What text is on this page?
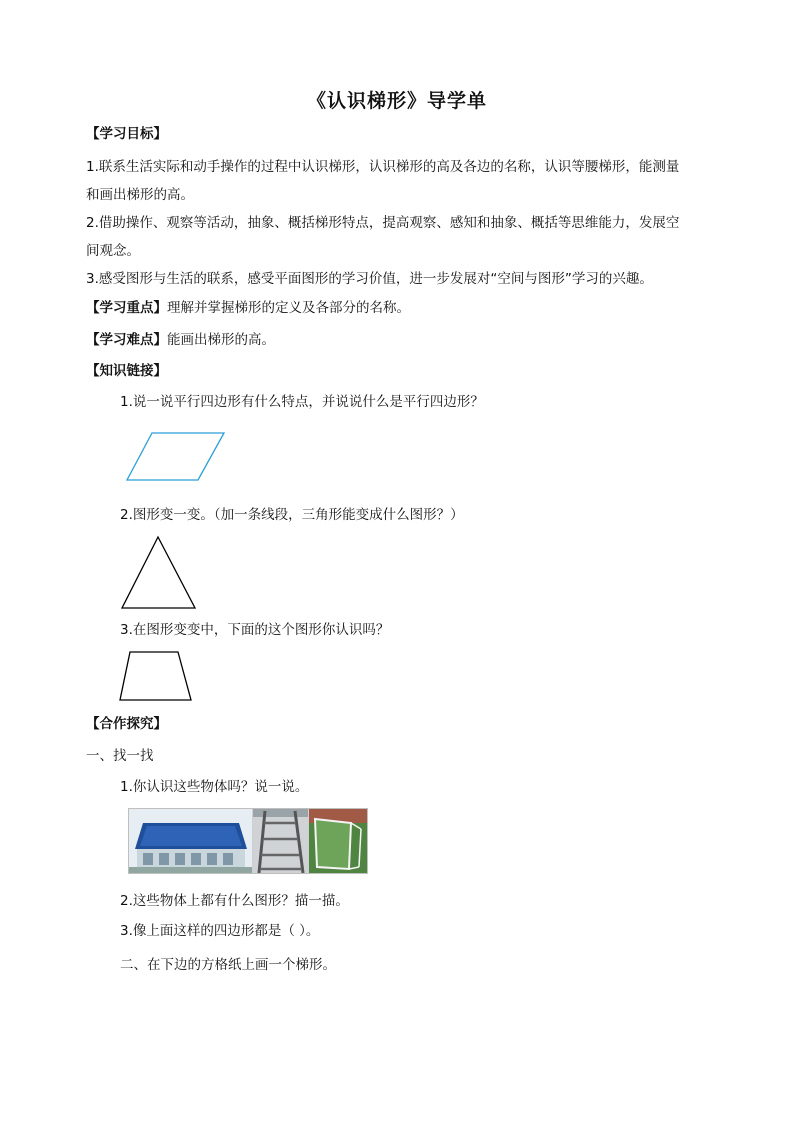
《认识梯形》导学单
【学习目标】
1.联系生活实际和动手操作的过程中认识梯形，认识梯形的高及各边的名称，认识等腰梯形，能测量
和画出梯形的高。
2.借助操作、观察等活动，抽象、概括梯形特点，提高观察、感知和抽象、概括等思维能力，发展空
间观念。
3.感受图形与生活的联系，感受平面图形的学习价值，进一步发展对“空间与图形”学习的兴趣。
【学习重点】理解并掌握梯形的定义及各部分的名称。
【学习难点】能画出梯形的高。
【知识链接】
1.说一说平行四边形有什么特点，并说说什么是平行四边形？
2.图形变一变。（加一条线段，三角形能变成什么图形？）
3.在图形变变中，下面的这个图形你认识吗？
【合作探究】
一、找一找
1.你认识这些物体吗？说一说。
2.这些物体上都有什么图形？描一描。
3.像上面这样的四边形都是（ ）。
二、在下边的方格纸上画一个梯形。
